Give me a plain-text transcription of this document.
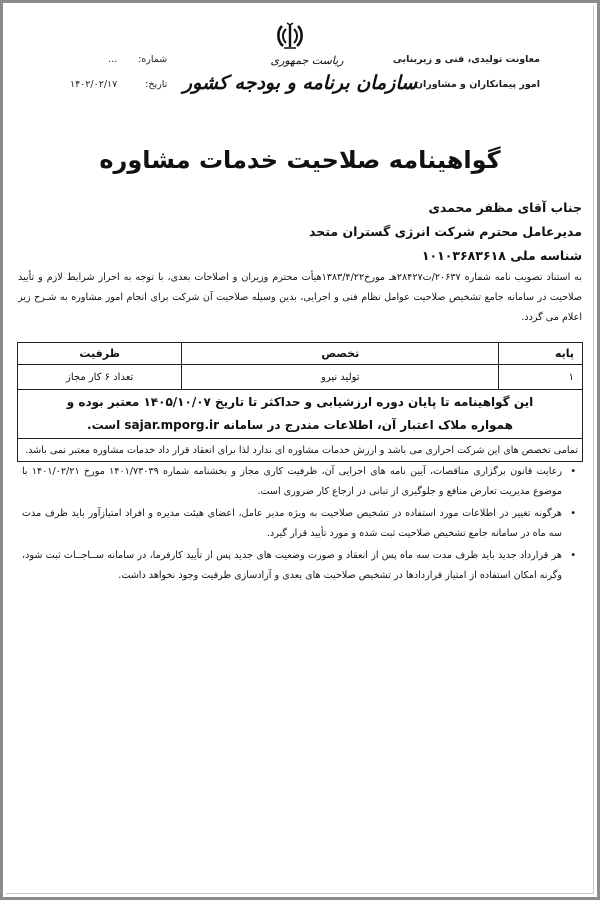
معاونت تولیدی، فنی و زیربنایی
امور پیمانکاران و مشاوران
شماره:
...
تاریخ:
۱۴۰۲/۰۲/۱۷
ریاست جمهوری
سازمان برنامه و بودجه کشور
گواهینامه صلاحیت خدمات مشاوره
جناب آقای مظفر محمدی
مدیرعامل محترم شرکت انرژی گستران متحد
شناسه ملی ۱۰۱۰۳۶۸۳۶۱۸
به استناد تصویب نامه شماره ۲۰۶۳۷/ت۲۸۴۲۷هـ مورخ۱۳۸۳/۴/۲۲هیأت محترم وزیران و اصلاحات بعدی، با توجه به احراز شرایط لازم و تأیید صلاحیت در سامانه جامع تشخیص صلاحیت عوامل نظام فنی و اجرایی، بدین وسیله صلاحیت آن شرکت برای انجام امور مشاوره به شـرح زیر اعلام می گردد.
پایه	تخصص	ظرفیت
۱	تولید نیرو	تعداد ۶ کار مجاز

این گواهینامه تا پایان دوره ارزشیابی و حداکثر تا تاریخ ۱۴۰۵/۱۰/۰۷ معتبر بوده و
همواره ملاک اعتبار آن، اطلاعات مندرج در سامانه sajar.mporg.ir است.		

تمامی تخصص های این شرکت احرازی می باشد و ارزش خدمات مشاوره ای ندارد لذا برای انعقاد قرار داد خدمات مشاوره معتبر نمی باشد.		
•
رعایت قانون برگزاری مناقصات، آیین نامه های اجرایی آن، ظرفیت کاری مجاز و بخشنامه شماره ۱۴۰۱/۷۳۰۳۹ مورخ ۱۴۰۱/۰۲/۲۱ با موضوع مدیریت تعارض منافع و جلوگیری از تبانی در ارجاع کار ضروری است.
•
هرگونه تغییر در اطلاعات مورد استفاده در تشخیص صلاحیت به ویژه مدیر عامل، اعضای هیئت مدیره و افراد امتیازآور باید ظرف مدت سه ماه در سامانه جامع تشخیص صلاحیت ثبت شده و مورد تأیید قرار گیرد.
•
هر قرارداد جدید باید ظرف مدت سه ماه پس از انعقاد و صورت وضعیت های جدید پس از تأیید کارفرما، در سامانه ســاجــات ثبت شود، وگرنه امکان استفاده از امتیاز قراردادها در تشخیص صلاحیت های بعدی و آزادسازی ظرفیت وجود نخواهد داشت.
